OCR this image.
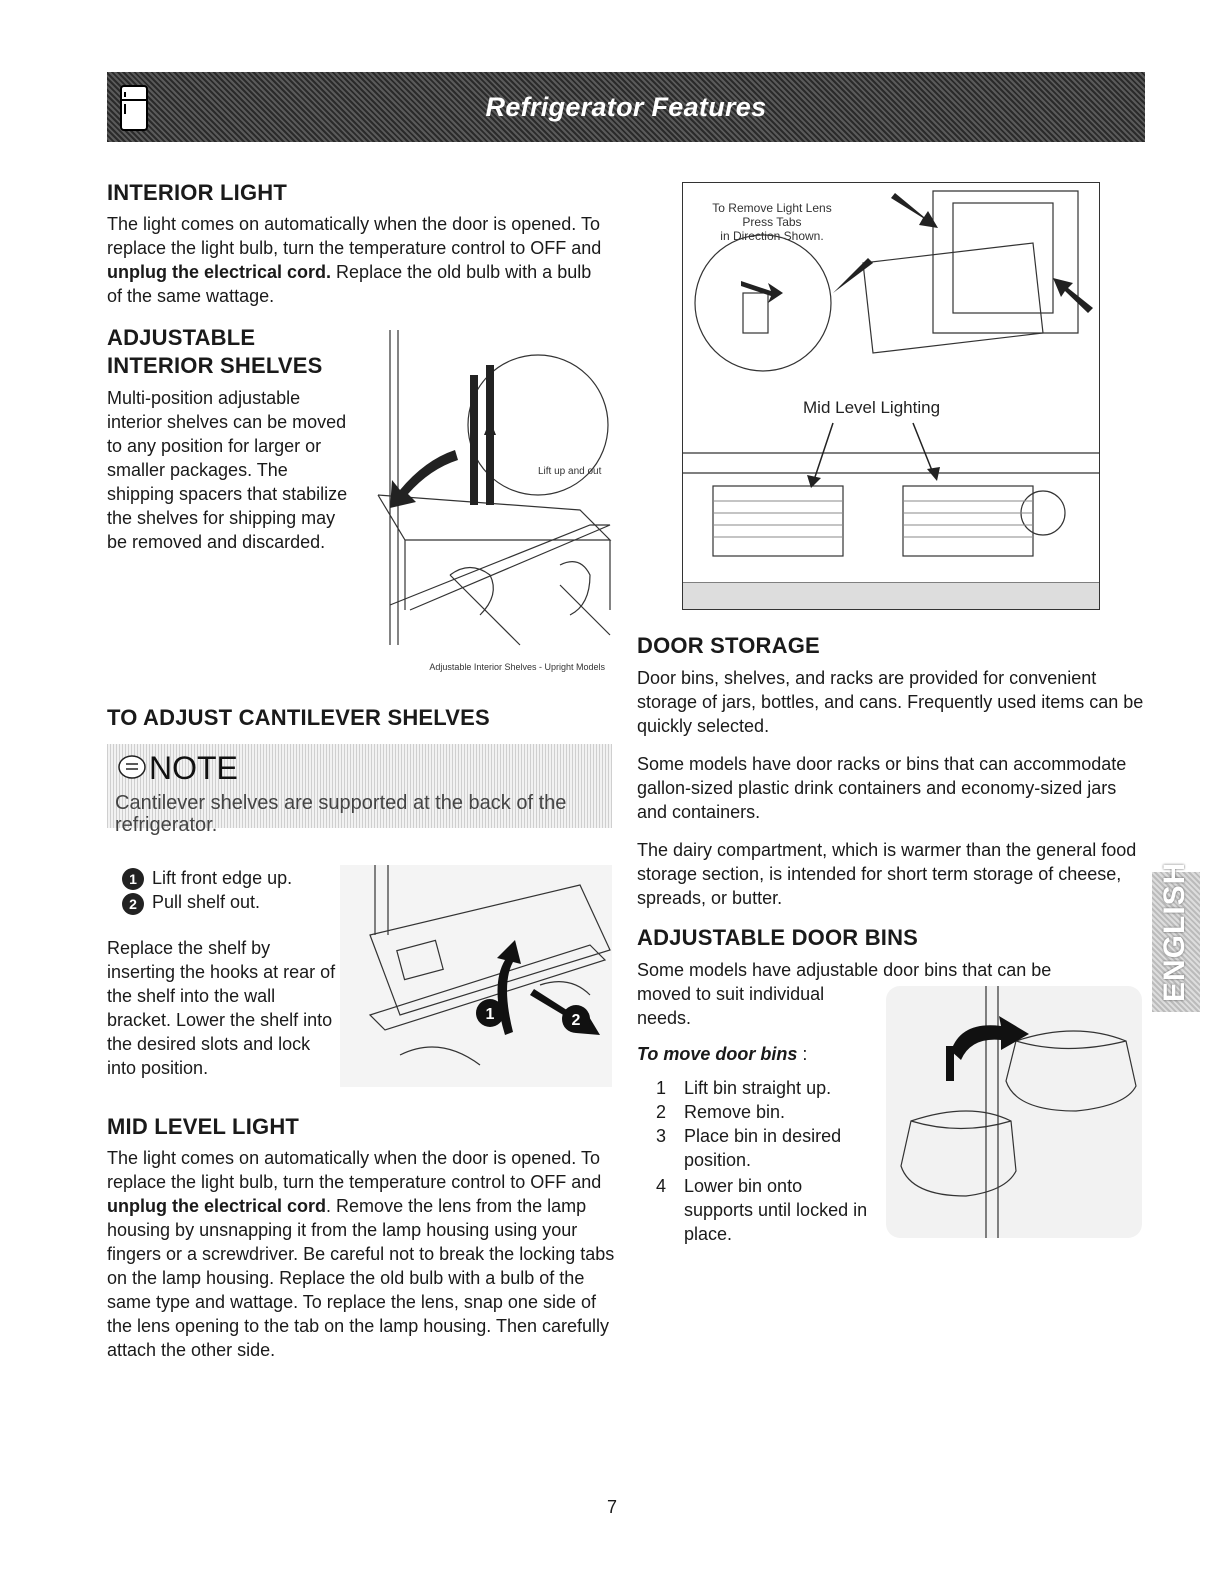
Refrigerator Features
INTERIOR LIGHT

The light comes on automatically when the door is opened. To replace the light bulb, turn the temperature control to OFF and unplug the electrical cord. Replace the old bulb with a bulb of the same wattage.

ADJUSTABLE
INTERIOR SHELVES

Multi-position adjustable interior shelves can be moved to any position for larger or smaller packages. The shipping spacers that stabilize the shelves for shipping may be removed and discarded.

Lift up and out
Adjustable Interior Shelves - Upright Models
TO ADJUST CANTILEVER SHELVES
NOTE
Cantilever shelves are supported at the back of the refrigerator.
1 Lift front edge up.
2 Pull shelf out.

Replace the shelf by inserting the hooks at rear of the shelf into the wall bracket. Lower the shelf into the desired slots and lock into position.

1	2
MID LEVEL LIGHT

The light comes on automatically when the door is opened. To replace the light bulb, turn the temperature control to OFF and unplug the electrical cord. Remove the lens from the lamp housing by unsnapping it from the lamp housing using your fingers or a screwdriver. Be careful not to break the locking tabs on the lamp housing. Replace the old bulb with a bulb of the same type and wattage. To replace the lens, snap one side of the lens opening to the tab on the lamp housing. Then carefully attach the other side.

To Remove Light Lens
Press Tabs
in Direction Shown.
Mid Level Lighting
DOOR STORAGE

Door bins, shelves, and racks are provided for convenient storage of jars, bottles, and cans. Frequently used items can be quickly selected.

Some models have door racks or bins that can accommodate gallon-sized plastic drink containers and economy-sized jars and containers.

The dairy compartment, which is warmer than the general food storage section, is intended for short term storage of cheese, spreads, or butter.

ADJUSTABLE DOOR BINS
Some models have adjustable door bins that can be
moved to suit individual
needs.
To move door bins :
1 Lift bin straight up.
2 Remove bin.
3 Place bin in desired position.
4 Lower bin onto supports until locked in place.
ENGLISH
7
